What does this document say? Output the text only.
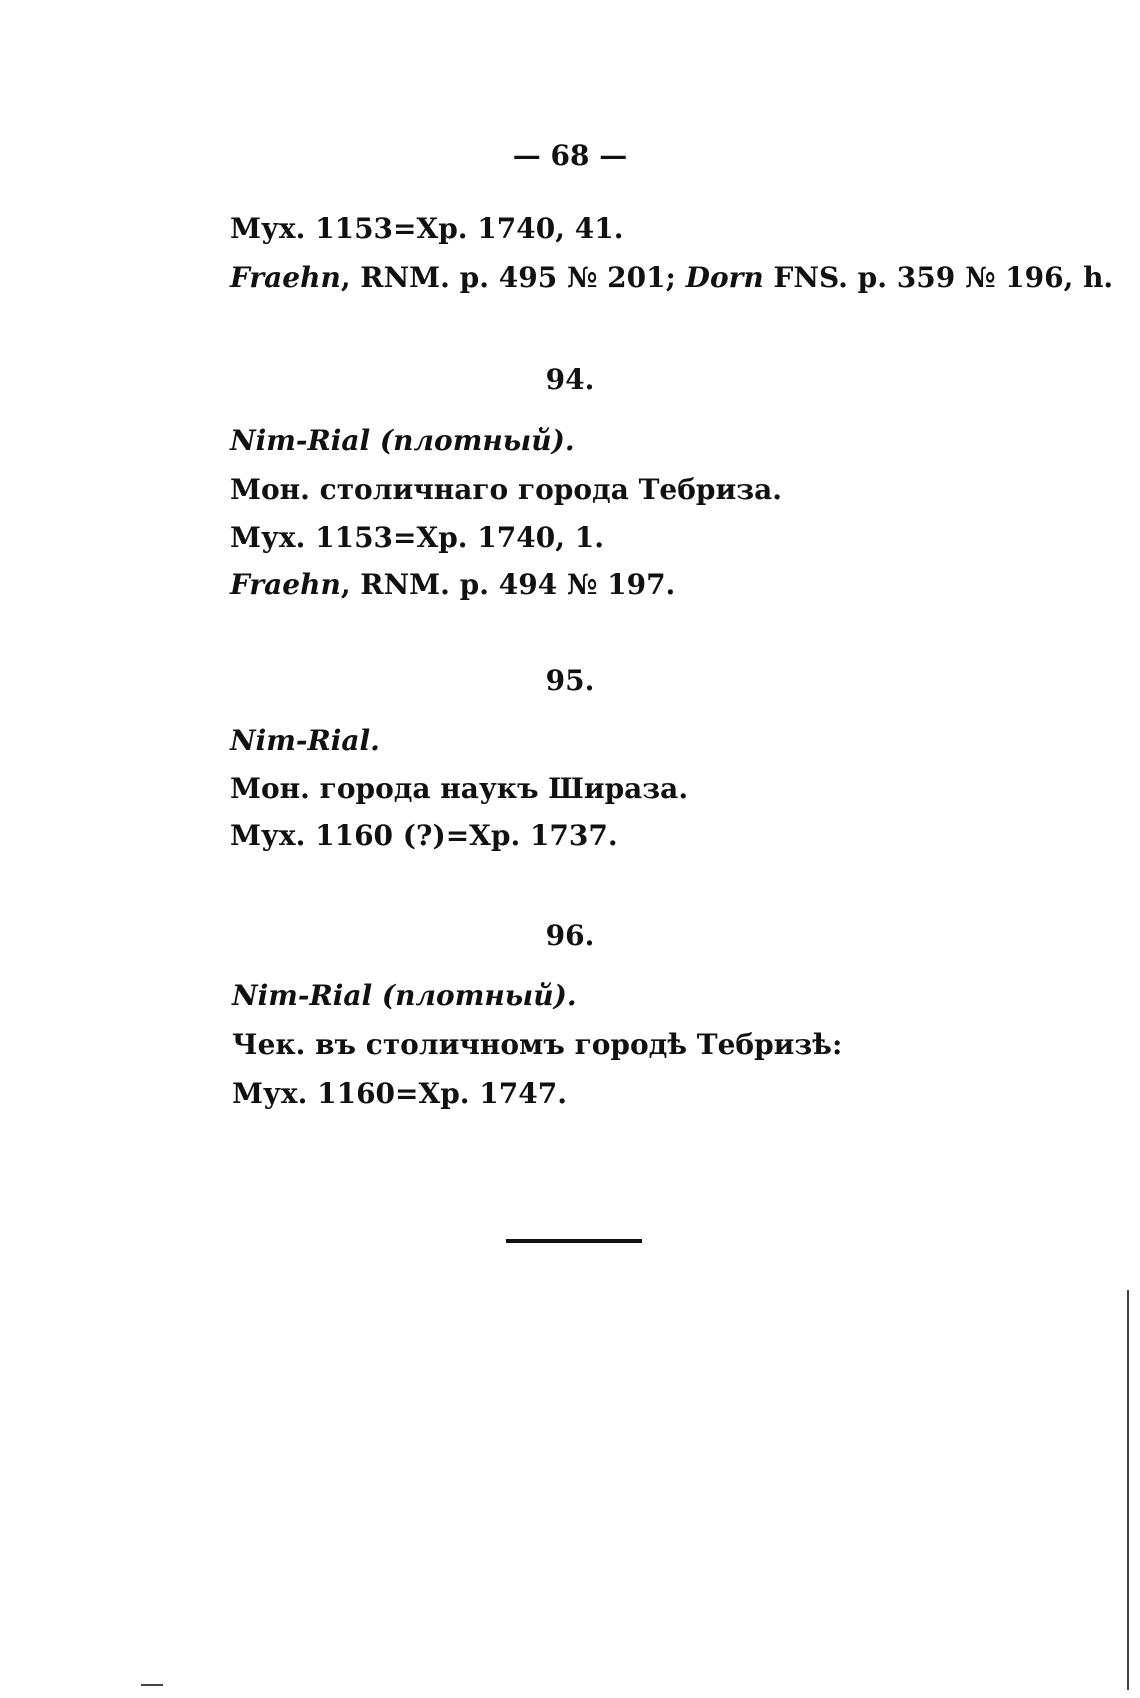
— 68 —
Мух. 1153=Хр. 1740, 41.
Fraehn, RNM. p. 495 № 201; Dorn FNS. p. 359 № 196, h.
94.
Nim-Rial (плотный).
Мон. столичнаго города Тебриза.
Мух. 1153=Хр. 1740, 1.
Fraehn, RNM. p. 494 № 197.
95.
Nim-Rial.
Мон. города наукъ Шираза.
Мух. 1160 (?)=Хр. 1737.
96.
Nim-Rial (плотный).
Чек. въ столичномъ городѣ Тебризѣ:
Мух. 1160=Хр. 1747.
